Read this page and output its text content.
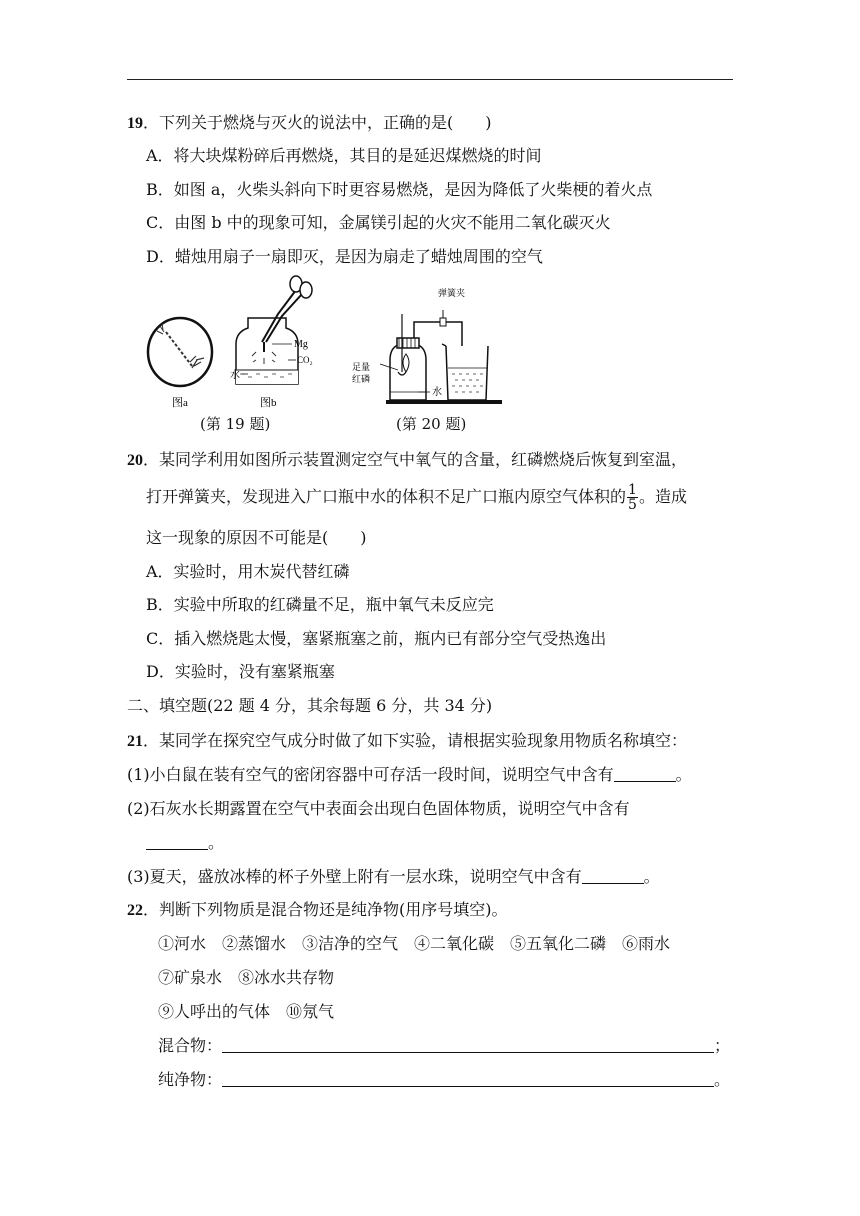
19．下列关于燃烧与灭火的说法中，正确的是(　　)
A．将大块煤粉碎后再燃烧，其目的是延迟煤燃烧的时间
B．如图 a，火柴头斜向下时更容易燃烧，是因为降低了火柴梗的着火点
C．由图 b 中的现象可知，金属镁引起的火灾不能用二氧化碳灭火
D．蜡烛用扇子一扇即灭，是因为扇走了蜡烛周围的空气
图a
Mg
CO₂
水
图b
弹簧夹
足量
红磷
水
(第 19 题)	(第 20 题)
20．某同学利用如图所示装置测定空气中氧气的含量，红磷燃烧后恢复到室温，
打开弹簧夹，发现进入广口瓶中水的体积不足广口瓶内原空气体积的 $\frac{1}{5}$ 。造成
这一现象的原因不可能是(　　)
A．实验时，用木炭代替红磷
B．实验中所取的红磷量不足，瓶中氧气未反应完
C．插入燃烧匙太慢，塞紧瓶塞之前，瓶内已有部分空气受热逸出
D．实验时，没有塞紧瓶塞
二、填空题(22 题 4 分，其余每题 6 分，共 34 分)
21．某同学在探究空气成分时做了如下实验，请根据实验现象用物质名称填空：
(1)小白鼠在装有空气的密闭容器中可存活一段时间，说明空气中含有	。
(2)石灰水长期露置在空气中表面会出现白色固体物质，说明空气中含有
。
(3)夏天，盛放冰棒的杯子外壁上附有一层水珠，说明空气中含有	。
22．判断下列物质是混合物还是纯净物(用序号填空)。
①河水　②蒸馏水　③洁净的空气　④二氧化碳　⑤五氧化二磷　⑥雨水
⑦矿泉水　⑧冰水共存物
⑨人呼出的气体　⑩氖气
混合物：	；
纯净物：	。
